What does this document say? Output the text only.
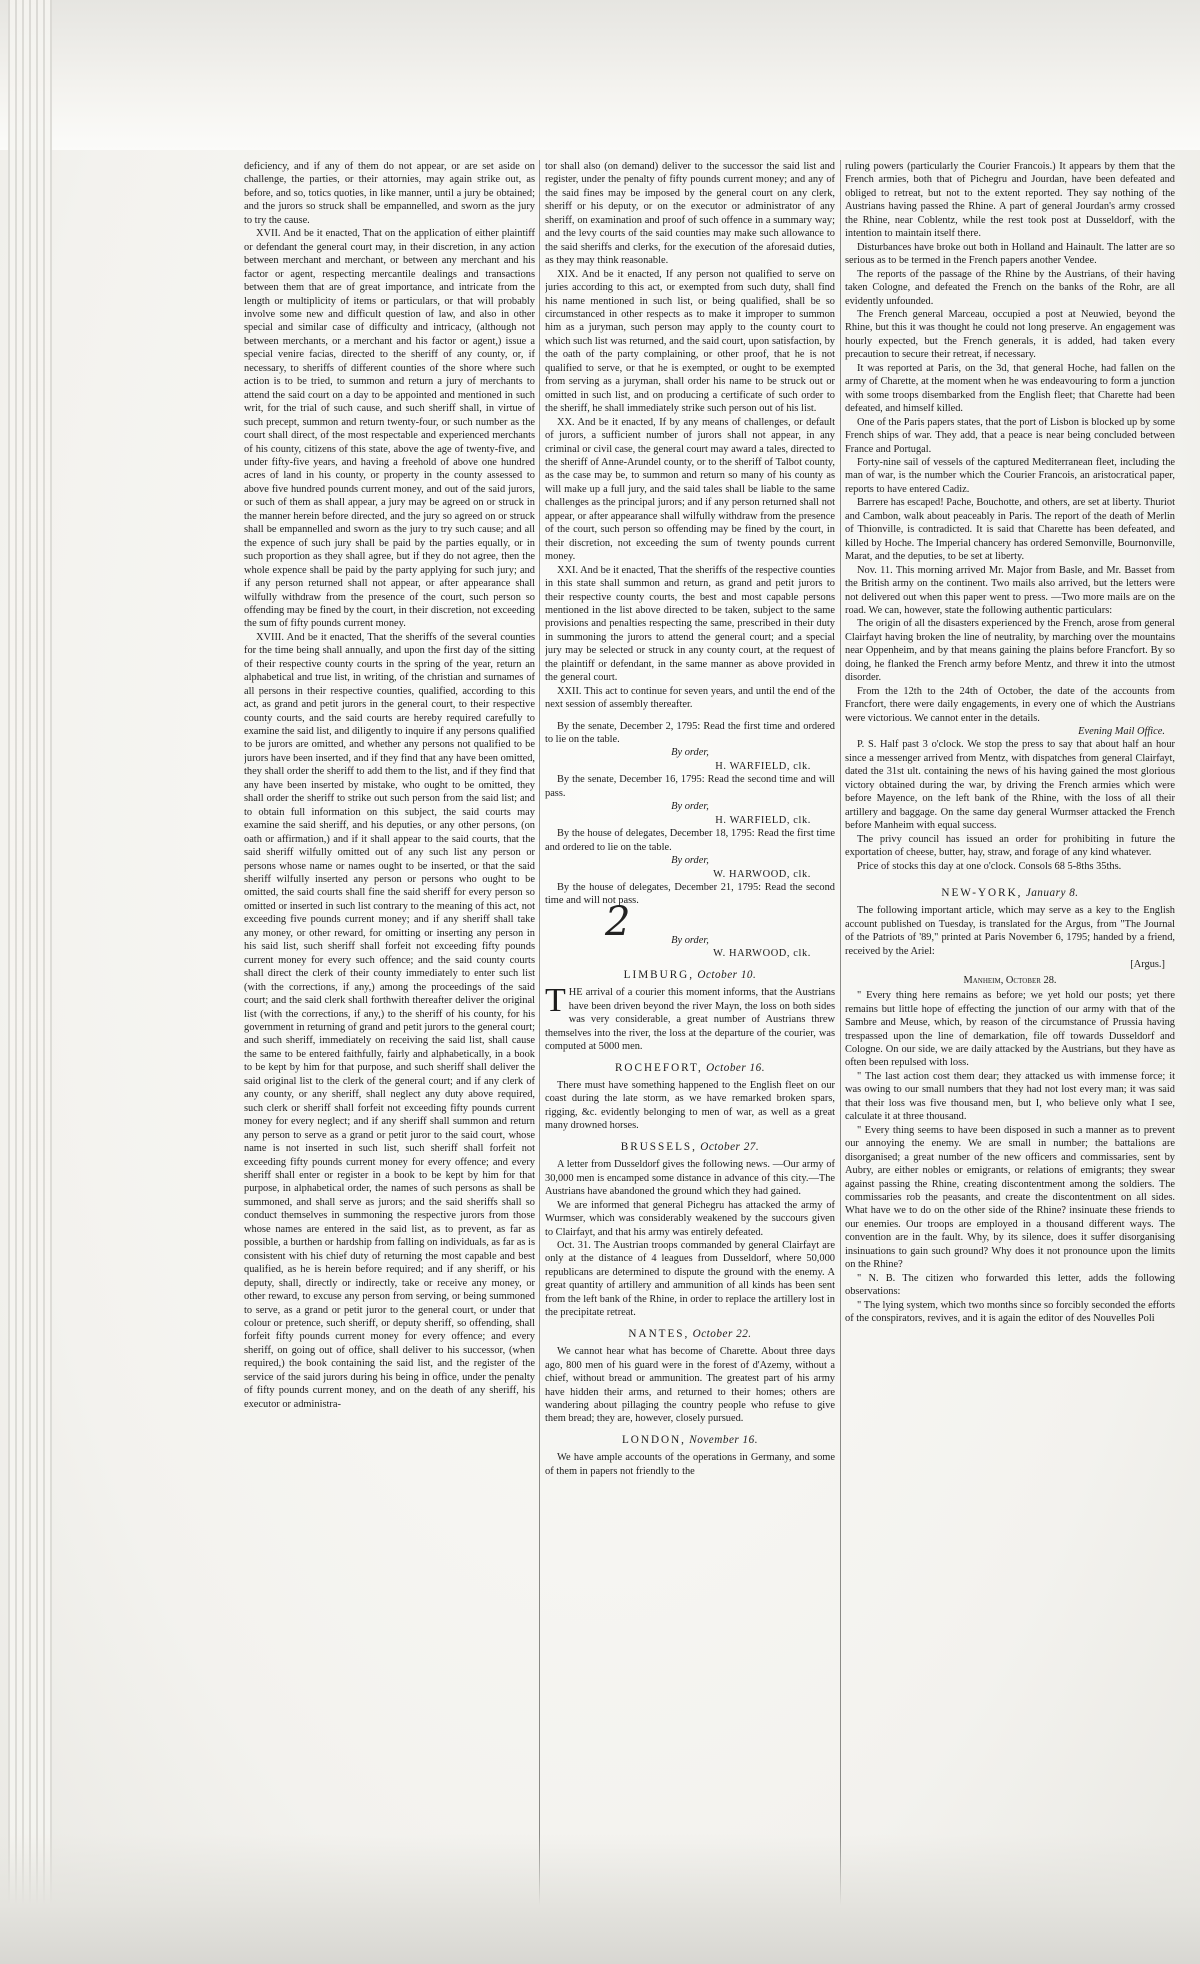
deficiency, and if any of them do not appear, or are set aside on challenge, the parties, or their attornies, may again strike out, as before, and so, totics quoties, in like manner, until a jury be obtained; and the jurors so struck shall be empannelled, and sworn as the jury to try the cause.

XVII. And be it enacted, That on the application of either plaintiff or defendant the general court may, in their discretion, in any action between merchant and merchant, or between any merchant and his factor or agent, respecting mercantile dealings and transactions between them that are of great importance, and intricate from the length or multiplicity of items or particulars, or that will probably involve some new and difficult question of law, and also in other special and similar case of difficulty and intricacy, (although not between merchants, or a merchant and his factor or agent,) issue a special venire facias, directed to the sheriff of any county, or, if necessary, to sheriffs of different counties of the shore where such action is to be tried, to summon and return a jury of merchants to attend the said court on a day to be appointed and mentioned in such writ, for the trial of such cause, and such sheriff shall, in virtue of such precept, summon and return twenty-four, or such number as the court shall direct, of the most respectable and experienced merchants of his county, citizens of this state, above the age of twenty-five, and under fifty-five years, and having a freehold of above one hundred acres of land in his county, or property in the county assessed to above five hundred pounds current money, and out of the said jurors, or such of them as shall appear, a jury may be agreed on or struck in the manner herein before directed, and the jury so agreed on or struck shall be empannelled and sworn as the jury to try such cause; and all the expence of such jury shall be paid by the parties equally, or in such proportion as they shall agree, but if they do not agree, then the whole expence shall be paid by the party applying for such jury; and if any person returned shall not appear, or after appearance shall wilfully withdraw from the presence of the court, such person so offending may be fined by the court, in their discretion, not exceeding the sum of fifty pounds current money.

XVIII. And be it enacted, That the sheriffs of the several counties for the time being shall annually, and upon the first day of the sitting of their respective county courts in the spring of the year, return an alphabetical and true list, in writing, of the christian and surnames of all persons in their respective counties, qualified, according to this act, as grand and petit jurors in the general court, to their respective county courts, and the said courts are hereby required carefully to examine the said list, and diligently to inquire if any persons qualified to be jurors are omitted, and whether any persons not qualified to be jurors have been inserted, and if they find that any have been omitted, they shall order the sheriff to add them to the list, and if they find that any have been inserted by mistake, who ought to be omitted, they shall order the sheriff to strike out such person from the said list; and to obtain full information on this subject, the said courts may examine the said sheriff, and his deputies, or any other persons, (on oath or affirmation,) and if it shall appear to the said courts, that the said sheriff wilfully omitted out of any such list any person or persons whose name or names ought to be inserted, or that the said sheriff wilfully inserted any person or persons who ought to be omitted, the said courts shall fine the said sheriff for every person so omitted or inserted in such list contrary to the meaning of this act, not exceeding five pounds current money; and if any sheriff shall take any money, or other reward, for omitting or inserting any person in his said list, such sheriff shall forfeit not exceeding fifty pounds current money for every such offence; and the said county courts shall direct the clerk of their county immediately to enter such list (with the corrections, if any,) among the proceedings of the said court; and the said clerk shall forthwith thereafter deliver the original list (with the corrections, if any,) to the sheriff of his county, for his government in returning of grand and petit jurors to the general court; and such sheriff, immediately on receiving the said list, shall cause the same to be entered faithfully, fairly and alphabetically, in a book to be kept by him for that purpose, and such sheriff shall deliver the said original list to the clerk of the general court; and if any clerk of any county, or any sheriff, shall neglect any duty above required, such clerk or sheriff shall forfeit not exceeding fifty pounds current money for every neglect; and if any sheriff shall summon and return any person to serve as a grand or petit juror to the said court, whose name is not inserted in such list, such sheriff shall forfeit not exceeding fifty pounds current money for every offence; and every sheriff shall enter or register in a book to be kept by him for that purpose, in alphabetical order, the names of such persons as shall be summoned, and shall serve as jurors; and the said sheriffs shall so conduct themselves in summoning the respective jurors from those whose names are entered in the said list, as to prevent, as far as possible, a burthen or hardship from falling on individuals, as far as is consistent with his chief duty of returning the most capable and best qualified, as he is herein before required; and if any sheriff, or his deputy, shall, directly or indirectly, take or receive any money, or other reward, to excuse any person from serving, or being summoned to serve, as a grand or petit juror to the general court, or under that colour or pretence, such sheriff, or deputy sheriff, so offending, shall forfeit fifty pounds current money for every offence; and every sheriff, on going out of office, shall deliver to his successor, (when required,) the book containing the said list, and the register of the service of the said jurors during his being in office, under the penalty of fifty pounds current money, and on the death of any sheriff, his executor or administra-

tor shall also (on demand) deliver to the successor the said list and register, under the penalty of fifty pounds current money; and any of the said fines may be imposed by the general court on any clerk, sheriff or his deputy, or on the executor or administrator of any sheriff, on examination and proof of such offence in a summary way; and the levy courts of the said counties may make such allowance to the said sheriffs and clerks, for the execution of the aforesaid duties, as they may think reasonable.

XIX. And be it enacted, If any person not qualified to serve on juries according to this act, or exempted from such duty, shall find his name mentioned in such list, or being qualified, shall be so circumstanced in other respects as to make it improper to summon him as a juryman, such person may apply to the county court to which such list was returned, and the said court, upon satisfaction, by the oath of the party complaining, or other proof, that he is not qualified to serve, or that he is exempted, or ought to be exempted from serving as a juryman, shall order his name to be struck out or omitted in such list, and on producing a certificate of such order to the sheriff, he shall immediately strike such person out of his list.

XX. And be it enacted, If by any means of challenges, or default of jurors, a sufficient number of jurors shall not appear, in any criminal or civil case, the general court may award a tales, directed to the sheriff of Anne-Arundel county, or to the sheriff of Talbot county, as the case may be, to summon and return so many of his county as will make up a full jury, and the said tales shall be liable to the same challenges as the principal jurors; and if any person returned shall not appear, or after appearance shall wilfully withdraw from the presence of the court, such person so offending may be fined by the court, in their discretion, not exceeding the sum of twenty pounds current money.

XXI. And be it enacted, That the sheriffs of the respective counties in this state shall summon and return, as grand and petit jurors to their respective county courts, the best and most capable persons mentioned in the list above directed to be taken, subject to the same provisions and penalties respecting the same, prescribed in their duty in summoning the jurors to attend the general court; and a special jury may be selected or struck in any county court, at the request of the plaintiff or defendant, in the same manner as above provided in the general court.

XXII. This act to continue for seven years, and until the end of the next session of assembly thereafter.

By the senate, December 2, 1795: Read the first time and ordered to lie on the table.

By order,
H. WARFIELD, clk.

By the senate, December 16, 1795: Read the second time and will pass.

By order,
H. WARFIELD, clk.

By the house of delegates, December 18, 1795: Read the first time and ordered to lie on the table.

By order,
W. HARWOOD, clk.

By the house of delegates, December 21, 1795: Read the second time and will not pass.

2	By order,
W. HARWOOD, clk.
LIMBURG, October 10.

THE arrival of a courier this moment informs, that the Austrians have been driven beyond the river Mayn, the loss on both sides was very considerable, a great number of Austrians threw themselves into the river, the loss at the departure of the courier, was computed at 5000 men.

ROCHEFORT, October 16.

There must have something happened to the English fleet on our coast during the late storm, as we have remarked broken spars, rigging, &c. evidently belonging to men of war, as well as a great many drowned horses.

BRUSSELS, October 27.

A letter from Dusseldorf gives the following news. —Our army of 30,000 men is encamped some distance in advance of this city.—The Austrians have abandoned the ground which they had gained.

We are informed that general Pichegru has attacked the army of Wurmser, which was considerably weakened by the succours given to Clairfayt, and that his army was entirely defeated.

Oct. 31. The Austrian troops commanded by general Clairfayt are only at the distance of 4 leagues from Dusseldorf, where 50,000 republicans are determined to dispute the ground with the enemy. A great quantity of artillery and ammunition of all kinds has been sent from the left bank of the Rhine, in order to replace the artillery lost in the precipitate retreat.

NANTES, October 22.

We cannot hear what has become of Charette. About three days ago, 800 men of his guard were in the forest of d'Azemy, without a chief, without bread or ammunition. The greatest part of his army have hidden their arms, and returned to their homes; others are wandering about pillaging the country people who refuse to give them bread; they are, however, closely pursued.

LONDON, November 16.

We have ample accounts of the operations in Germany, and some of them in papers not friendly to the

ruling powers (particularly the Courier Francois.) It appears by them that the French armies, both that of Pichegru and Jourdan, have been defeated and obliged to retreat, but not to the extent reported. They say nothing of the Austrians having passed the Rhine. A part of general Jourdan's army crossed the Rhine, near Coblentz, while the rest took post at Dusseldorf, with the intention to maintain itself there.

Disturbances have broke out both in Holland and Hainault. The latter are so serious as to be termed in the French papers another Vendee.

The reports of the passage of the Rhine by the Austrians, of their having taken Cologne, and defeated the French on the banks of the Rohr, are all evidently unfounded.

The French general Marceau, occupied a post at Neuwied, beyond the Rhine, but this it was thought he could not long preserve. An engagement was hourly expected, but the French generals, it is added, had taken every precaution to secure their retreat, if necessary.

It was reported at Paris, on the 3d, that general Hoche, had fallen on the army of Charette, at the moment when he was endeavouring to form a junction with some troops disembarked from the English fleet; that Charette had been defeated, and himself killed.

One of the Paris papers states, that the port of Lisbon is blocked up by some French ships of war. They add, that a peace is near being concluded between France and Portugal.

Forty-nine sail of vessels of the captured Mediterranean fleet, including the man of war, is the number which the Courier Francois, an aristocratical paper, reports to have entered Cadiz.

Barrere has escaped! Pache, Bouchotte, and others, are set at liberty. Thuriot and Cambon, walk about peaceably in Paris. The report of the death of Merlin of Thionville, is contradicted. It is said that Charette has been defeated, and killed by Hoche. The Imperial chancery has ordered Semonville, Bournonville, Marat, and the deputies, to be set at liberty.

Nov. 11. This morning arrived Mr. Major from Basle, and Mr. Basset from the British army on the continent. Two mails also arrived, but the letters were not delivered out when this paper went to press. —Two more mails are on the road. We can, however, state the following authentic particulars:

The origin of all the disasters experienced by the French, arose from general Clairfayt having broken the line of neutrality, by marching over the mountains near Oppenheim, and by that means gaining the plains before Francfort. By so doing, he flanked the French army before Mentz, and threw it into the utmost disorder.

From the 12th to the 24th of October, the date of the accounts from Francfort, there were daily engagements, in every one of which the Austrians were victorious. We cannot enter in the details.

Evening Mail Office.

P. S. Half past 3 o'clock. We stop the press to say that about half an hour since a messenger arrived from Mentz, with dispatches from general Clairfayt, dated the 31st ult. containing the news of his having gained the most glorious victory obtained during the war, by driving the French armies which were before Mayence, on the left bank of the Rhine, with the loss of all their artillery and baggage. On the same day general Wurmser attacked the French before Manheim with equal success.

The privy council has issued an order for prohibiting in future the exportation of cheese, butter, hay, straw, and forage of any kind whatever.

Price of stocks this day at one o'clock. Consols 68 5-8ths 35ths.

NEW-YORK, January 8.

The following important article, which may serve as a key to the English account published on Tuesday, is translated for the Argus, from "The Journal of the Patriots of '89," printed at Paris November 6, 1795; handed by a friend, received by the Ariel:

[Argus.]
Manheim, October 28.

" Every thing here remains as before; we yet hold our posts; yet there remains but little hope of effecting the junction of our army with that of the Sambre and Meuse, which, by reason of the circumstance of Prussia having trespassed upon the line of demarkation, file off towards Dusseldorf and Cologne. On our side, we are daily attacked by the Austrians, but they have as often been repulsed with loss.

" The last action cost them dear; they attacked us with immense force; it was owing to our small numbers that they had not lost every man; it was said that their loss was five thousand men, but I, who believe only what I see, calculate it at three thousand.

" Every thing seems to have been disposed in such a manner as to prevent our annoying the enemy. We are small in number; the battalions are disorganised; a great number of the new officers and commissaries, sent by Aubry, are either nobles or emigrants, or relations of emigrants; they swear against passing the Rhine, creating discontentment among the soldiers. The commissaries rob the peasants, and create the discontentment on all sides. What have we to do on the other side of the Rhine? insinuate these friends to our enemies. Our troops are employed in a thousand different ways. The convention are in the fault. Why, by its silence, does it suffer disorganising insinuations to gain such ground? Why does it not pronounce upon the limits on the Rhine?

" N. B. The citizen who forwarded this letter, adds the following observations:

" The lying system, which two months since so forcibly seconded the efforts of the conspirators, revives, and it is again the editor of des Nouvelles Poli
